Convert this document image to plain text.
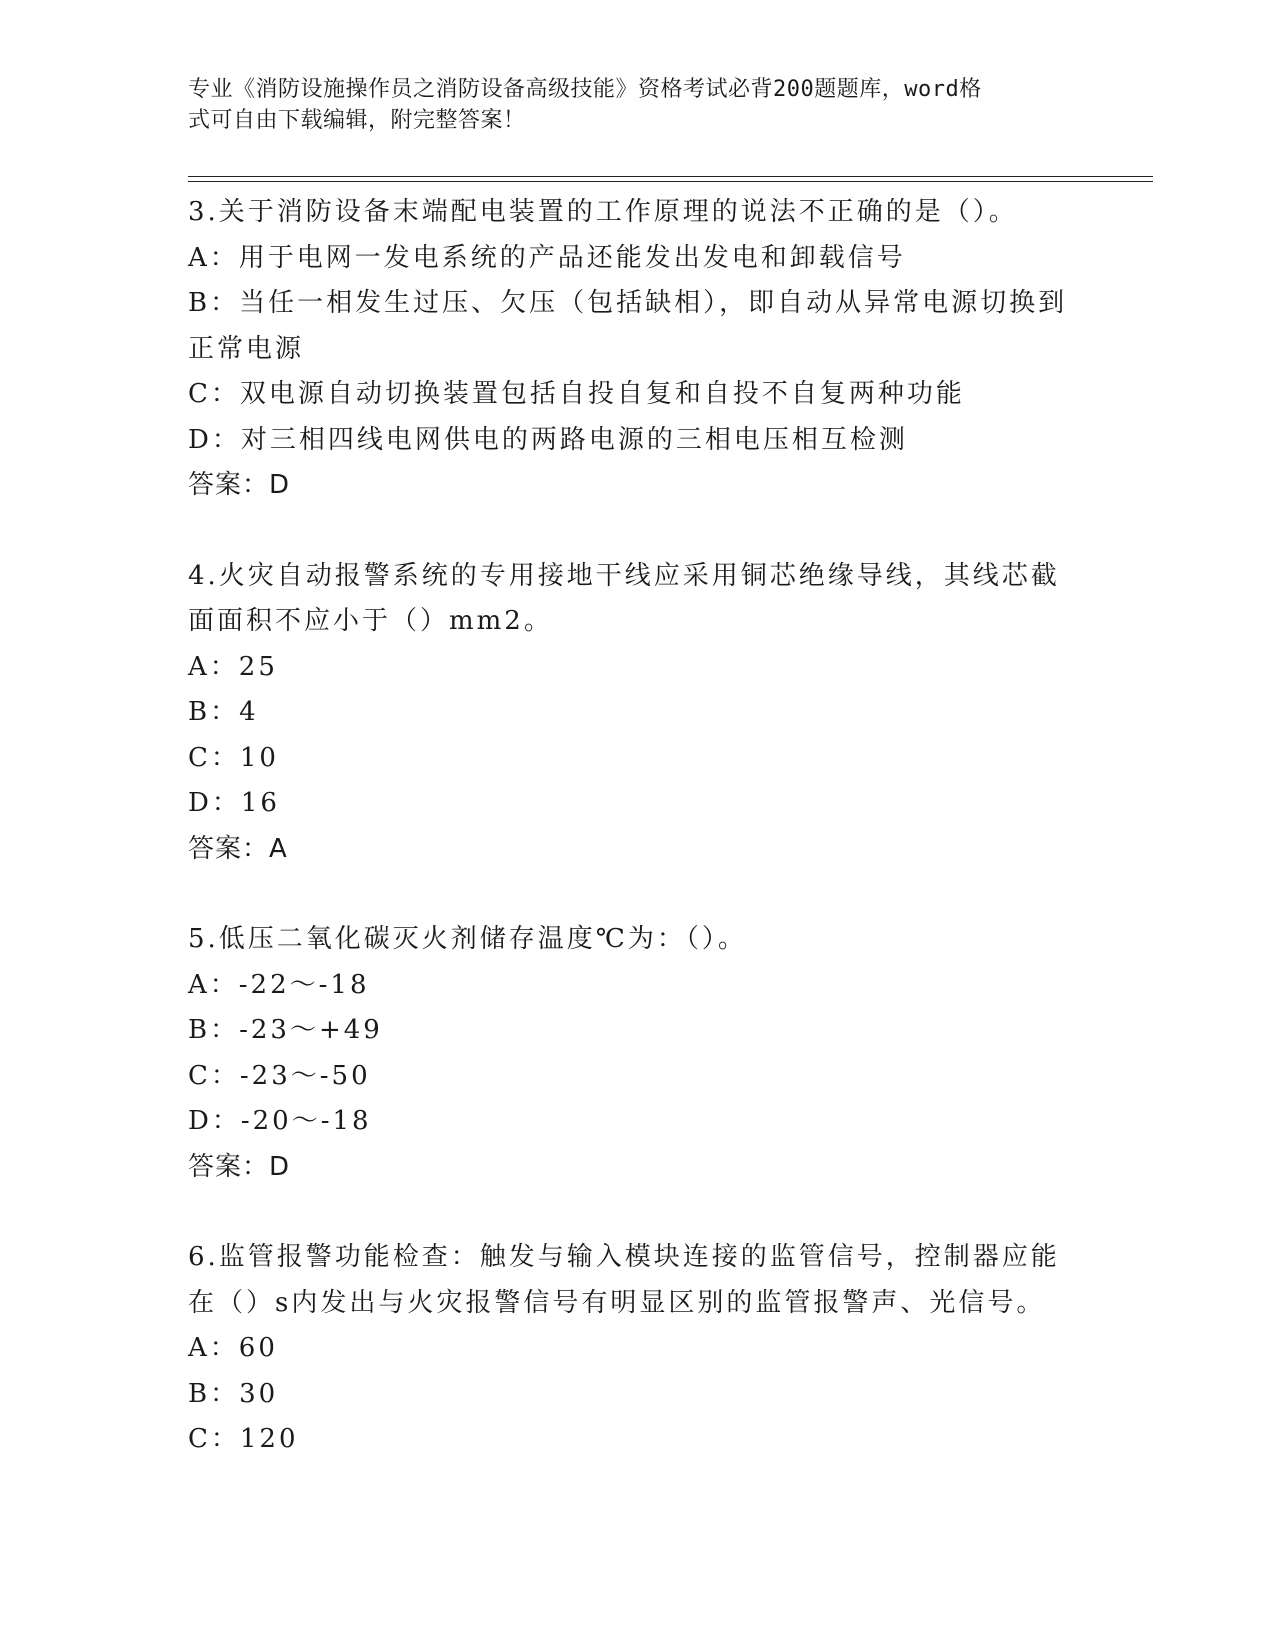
专业《消防设施操作员之消防设备高级技能》资格考试必背200题题库，word格
式可自由下载编辑，附完整答案！
3.关于消防设备末端配电装置的工作原理的说法不正确的是（）。
A：用于电网一发电系统的产品还能发出发电和卸载信号
B：当任一相发生过压、欠压（包括缺相），即自动从异常电源切换到
正常电源
C：双电源自动切换装置包括自投自复和自投不自复两种功能
D：对三相四线电网供电的两路电源的三相电压相互检测
答案：D
4.火灾自动报警系统的专用接地干线应采用铜芯绝缘导线，其线芯截
面面积不应小于（）mm2。
A：25
B：4
C：10
D：16
答案：A
5.低压二氧化碳灭火剂储存温度℃为：（）。
A：-22～-18
B：-23～+49
C：-23～-50
D：-20～-18
答案：D
6.监管报警功能检查：触发与输入模块连接的监管信号，控制器应能
在（）s内发出与火灾报警信号有明显区别的监管报警声、光信号。
A：60
B：30
C：120
